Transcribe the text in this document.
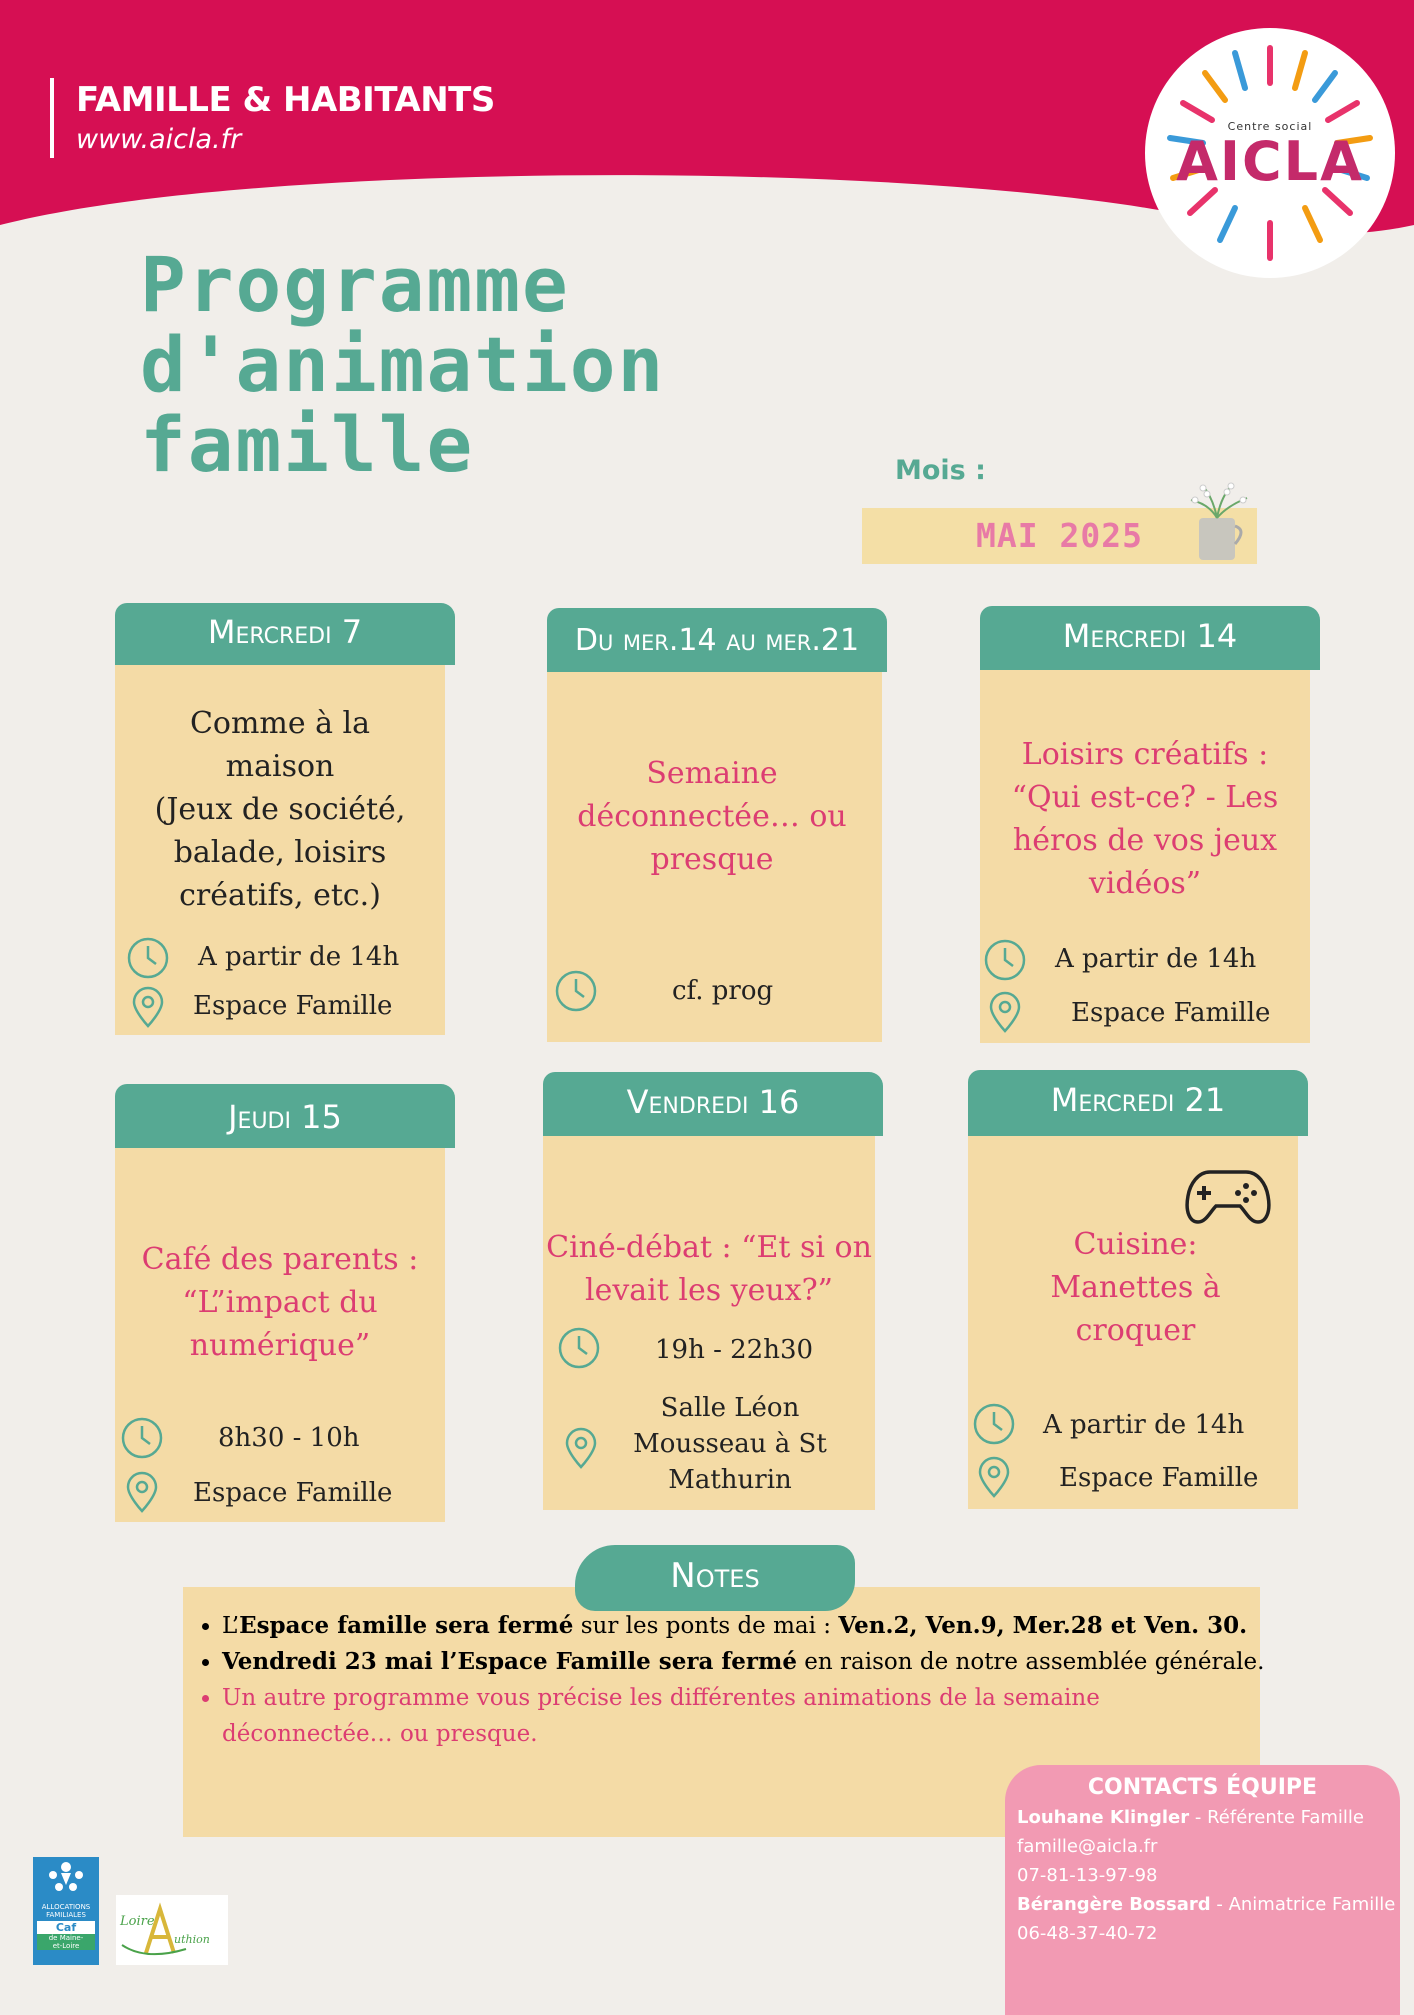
FAMILLE & HABITANTS
www.aicla.fr	Centre social
AICLA
Programme
d'animation
famille	Mois :
MAI 2025
Mercredi 7
Comme à la
maison
(Jeux de société,
balade, loisirs
créatifs, etc.)
A partir de 14h
Espace Famille
Du mer.14 au mer.21
Semaine
déconnectée… ou
presque
cf. prog
Mercredi 14
Loisirs créatifs :
“Qui est-ce? - Les
héros de vos jeux
vidéos”
A partir de 14h
Espace Famille
Jeudi 15
Café des parents :
“L”impact du
numérique”
8h30 - 10h
Espace Famille
Vendredi 16
Ciné-débat : “Et si on
levait les yeux?”
19h - 22h30
Salle Léon
Mousseau à St
Mathurin
Mercredi 21
Cuisine:
Manettes à
croquer
A partir de 14h
Espace Famille
Notes
• L’Espace famille sera fermé sur les ponts de mai : Ven.2, Ven.9, Mer.28 et Ven. 30.
• Vendredi 23 mai l’Espace Famille sera fermé en raison de notre assemblée générale.
• Un autre programme vous précise les différentes animations de la semaine déconnectée… ou presque.
CONTACTS ÉQUIPE
Louhane Klingler - Référente Famille
famille@aicla.fr
07-81-13-97-98
Bérangère Bossard - Animatrice Famille
06-48-37-40-72
ALLOCATIONS
FAMILIALES
Caf
de Maine-
et-Loire
Loire
uthion
